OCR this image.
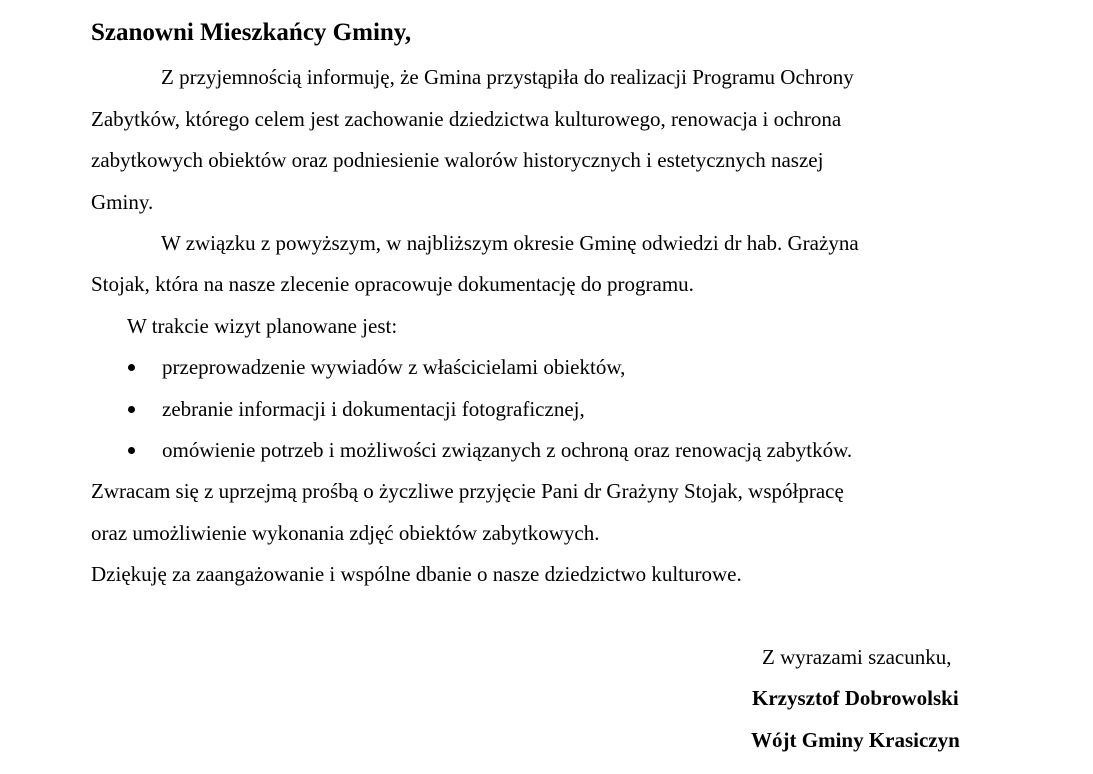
Szanowni Mieszkańcy Gminy,
Z przyjemnością informuję, że Gmina przystąpiła do realizacji Programu Ochrony
Zabytków, którego celem jest zachowanie dziedzictwa kulturowego, renowacja i ochrona
zabytkowych obiektów oraz podniesienie walorów historycznych i estetycznych naszej
Gminy.
W związku z powyższym, w najbliższym okresie Gminę odwiedzi dr hab. Grażyna
Stojak, która na nasze zlecenie opracowuje dokumentację do programu.
W trakcie wizyt planowane jest:
przeprowadzenie wywiadów z właścicielami obiektów,
zebranie informacji i dokumentacji fotograficznej,
omówienie potrzeb i możliwości związanych z ochroną oraz renowacją zabytków.
Zwracam się z uprzejmą prośbą o życzliwe przyjęcie Pani dr Grażyny Stojak, współpracę
oraz umożliwienie wykonania zdjęć obiektów zabytkowych.
Dziękuję za zaangażowanie i wspólne dbanie o nasze dziedzictwo kulturowe.
Z wyrazami szacunku,
Krzysztof Dobrowolski
Wójt Gminy Krasiczyn
